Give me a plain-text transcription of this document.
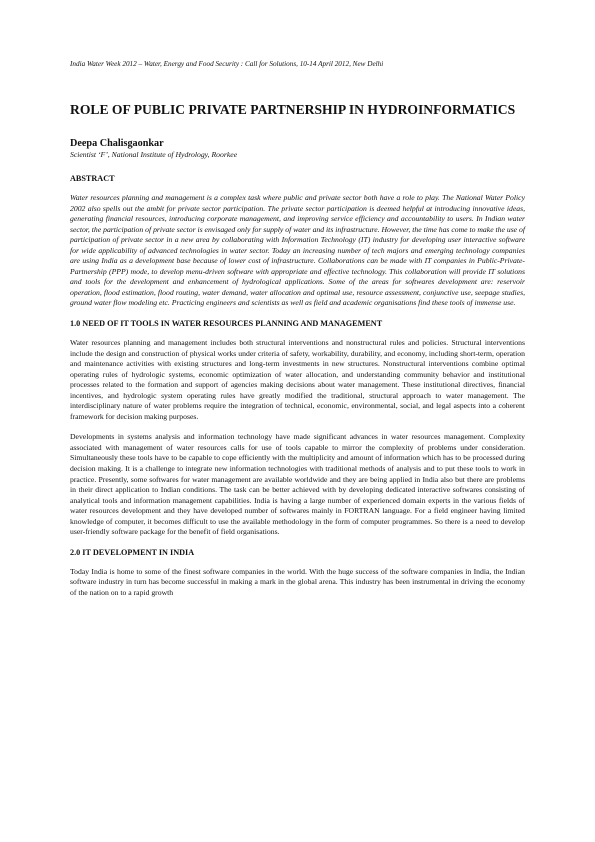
India Water Week 2012 – Water, Energy and Food Security : Call for Solutions, 10-14 April 2012, New Delhi

ROLE OF PUBLIC PRIVATE PARTNERSHIP IN HYDROINFORMATICS

Deepa Chalisgaonkar

Scientist ‘F’, National Institute of Hydrology, Roorkee

ABSTRACT

Water resources planning and management is a complex task where public and private sector both have a role to play. The National Water Policy 2002 also spells out the ambit for private sector participation. The private sector participation is deemed helpful at introducing innovative ideas, generating financial resources, introducing corporate management, and improving service efficiency and accountability to users. In Indian water sector, the participation of private sector is envisaged only for supply of water and its infrastructure. However, the time has come to make the use of participation of private sector in a new area by collaborating with Information Technology (IT) industry for developing user interactive software for wide applicability of advanced technologies in water sector. Today an increasing number of tech majors and emerging technology companies are using India as a development base because of lower cost of infrastructure. Collaborations can be made with IT companies in Public-Private-Partnership (PPP) mode, to develop menu-driven software with appropriate and effective technology. This collaboration will provide IT solutions and tools for the development and enhancement of hydrological applications. Some of the areas for softwares development are: reservoir operation, flood estimation, flood routing, water demand, water allocation and optimal use, resource assessment, conjunctive use, seepage studies, ground water flow modeling etc. Practicing engineers and scientists as well as field and academic organisations find these tools of immense use.

1.0 NEED OF IT TOOLS IN WATER RESOURCES PLANNING AND MANAGEMENT

Water resources planning and management includes both structural interventions and nonstructural rules and policies. Structural interventions include the design and construction of physical works under criteria of safety, workability, durability, and economy, including short-term, operation and maintenance activities with existing structures and long-term investments in new structures. Nonstructural interventions combine optimal operating rules of hydrologic systems, economic optimization of water allocation, and understanding community behavior and institutional processes related to the formation and support of agencies making decisions about water management. These institutional directives, financial incentives, and hydrologic system operating rules have greatly modified the traditional, structural approach to water management. The interdisciplinary nature of water problems require the integration of technical, economic, environmental, social, and legal aspects into a coherent framework for decision making purposes.

Developments in systems analysis and information technology have made significant advances in water resources management. Complexity associated with management of water resources calls for use of tools capable to mirror the complexity of problems under consideration. Simultaneously these tools have to be capable to cope efficiently with the multiplicity and amount of information which has to be processed during decision making. It is a challenge to integrate new information technologies with traditional methods of analysis and to put these tools to work in practice. Presently, some softwares for water management are available worldwide and they are being applied in India also but there are problems in their direct application to Indian conditions. The task can be better achieved with by developing dedicated interactive softwares consisting of analytical tools and information management capabilities. India is having a large number of experienced domain experts in the various fields of water resources development and they have developed number of softwares mainly in FORTRAN language. For a field engineer having limited knowledge of computer, it becomes difficult to use the available methodology in the form of computer programmes. So there is a need to develop user-friendly software package for the benefit of field organisations.

2.0 IT DEVELOPMENT IN INDIA

Today India is home to some of the finest software companies in the world. With the huge success of the software companies in India, the Indian software industry in turn has become successful in making a mark in the global arena. This industry has been instrumental in driving the economy of the nation on to a rapid growth
